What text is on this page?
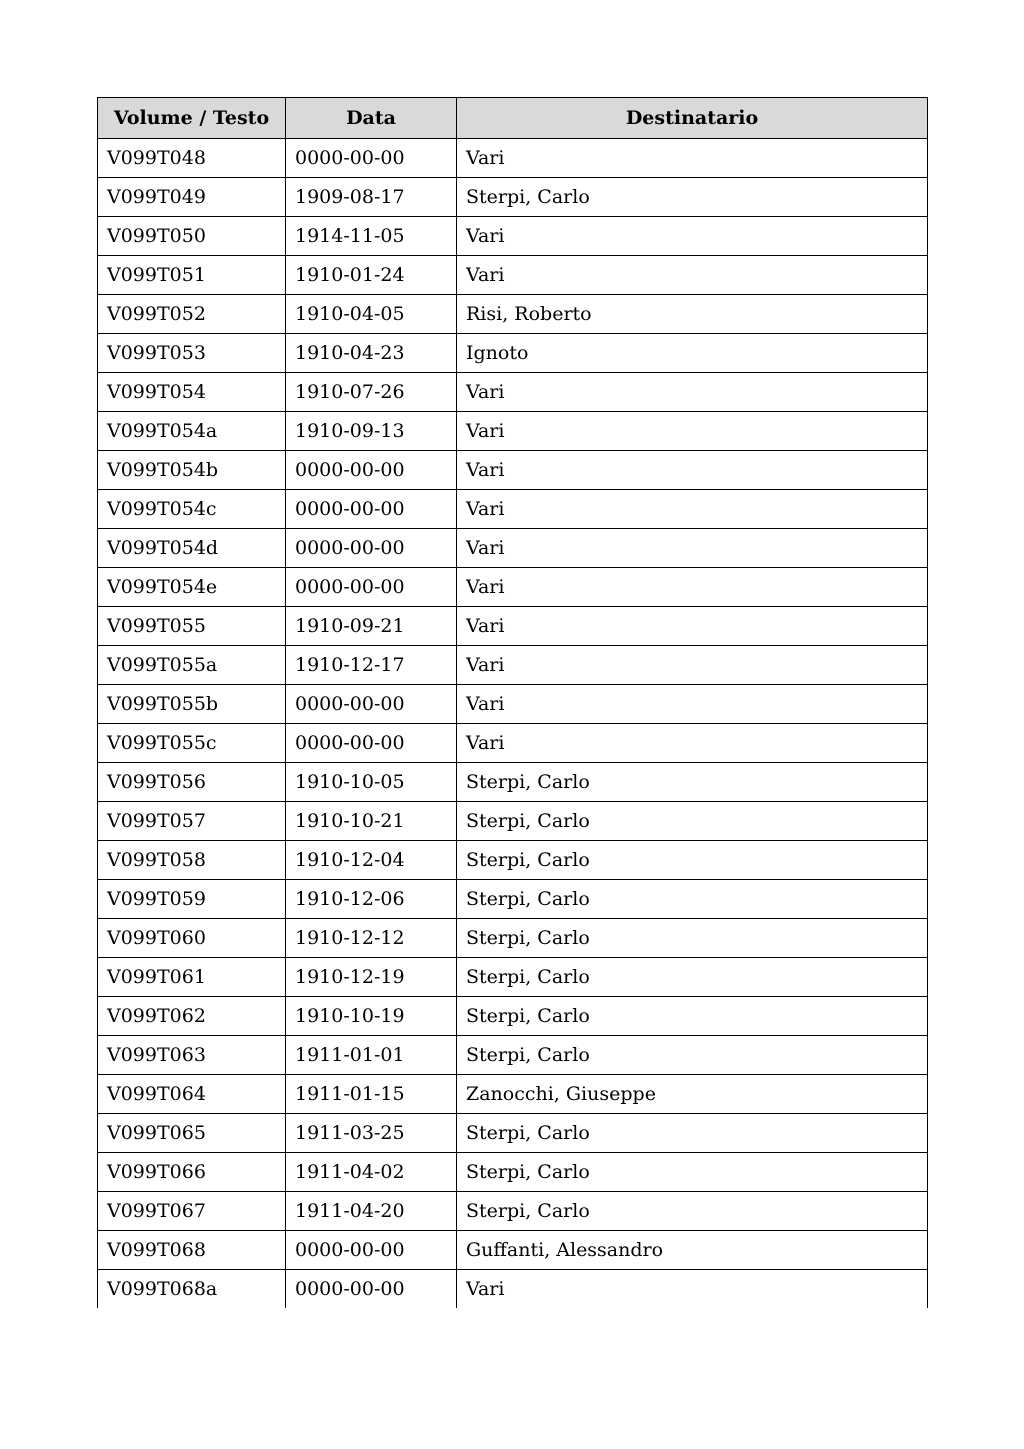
Volume / Testo	Data	Destinatario
V099T048	0000-00-00	Vari
V099T049	1909-08-17	Sterpi, Carlo
V099T050	1914-11-05	Vari
V099T051	1910-01-24	Vari
V099T052	1910-04-05	Risi, Roberto
V099T053	1910-04-23	Ignoto
V099T054	1910-07-26	Vari
V099T054a	1910-09-13	Vari
V099T054b	0000-00-00	Vari
V099T054c	0000-00-00	Vari
V099T054d	0000-00-00	Vari
V099T054e	0000-00-00	Vari
V099T055	1910-09-21	Vari
V099T055a	1910-12-17	Vari
V099T055b	0000-00-00	Vari
V099T055c	0000-00-00	Vari
V099T056	1910-10-05	Sterpi, Carlo
V099T057	1910-10-21	Sterpi, Carlo
V099T058	1910-12-04	Sterpi, Carlo
V099T059	1910-12-06	Sterpi, Carlo
V099T060	1910-12-12	Sterpi, Carlo
V099T061	1910-12-19	Sterpi, Carlo
V099T062	1910-10-19	Sterpi, Carlo
V099T063	1911-01-01	Sterpi, Carlo
V099T064	1911-01-15	Zanocchi, Giuseppe
V099T065	1911-03-25	Sterpi, Carlo
V099T066	1911-04-02	Sterpi, Carlo
V099T067	1911-04-20	Sterpi, Carlo
V099T068	0000-00-00	Guffanti, Alessandro
V099T068a	0000-00-00	Vari
